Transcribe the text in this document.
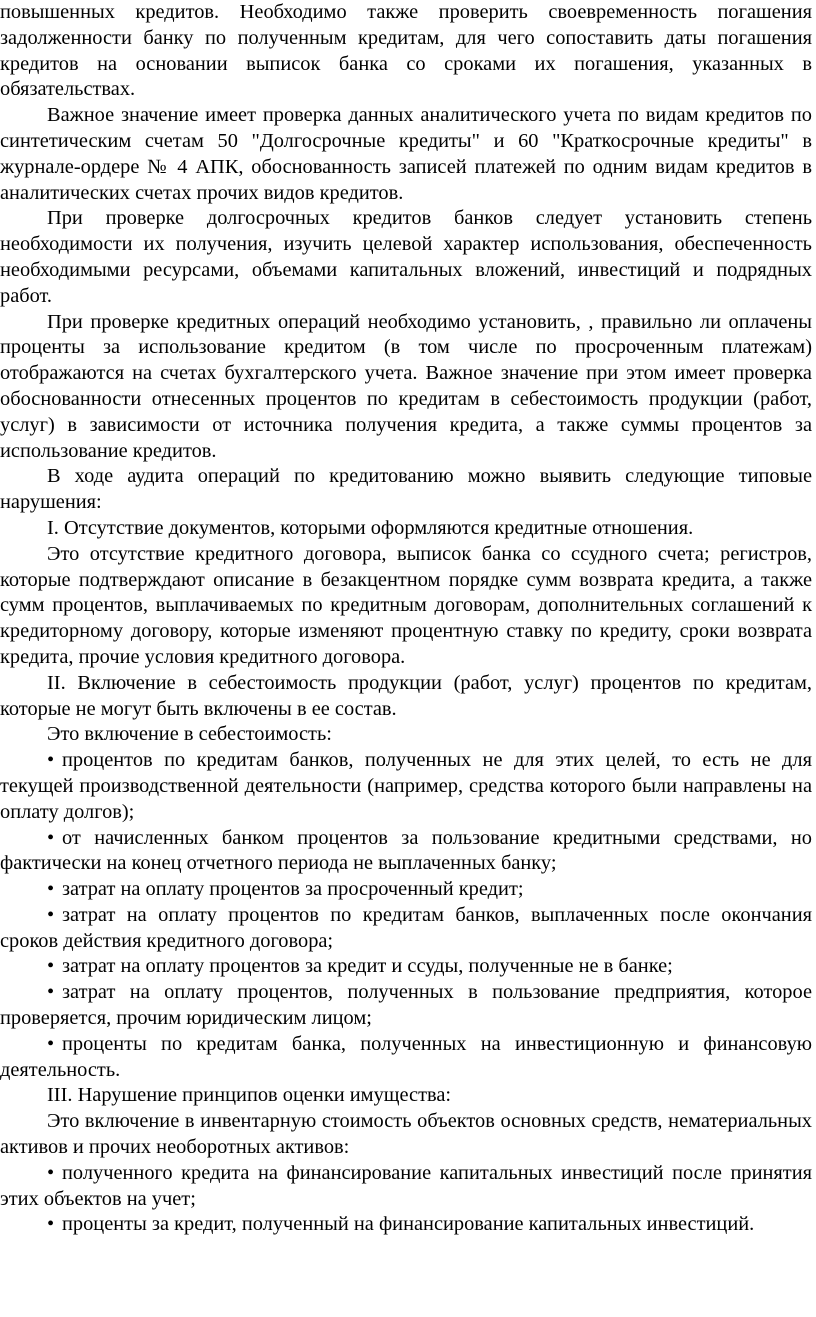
повышенных кредитов. Необходимо также проверить своевременность погашения задолженности банку по полученным кредитам, для чего сопоставить даты погашения кредитов на основании выписок банка со сроками их погашения, указанных в обязательствах.

Важное значение имеет проверка данных аналитического учета по видам кредитов по синтетическим счетам 50 "Долгосрочные кредиты" и 60 "Краткосрочные кредиты" в журнале-ордере № 4 АПК, обоснованность записей платежей по одним видам кредитов в аналитических счетах прочих видов кредитов.

При проверке долгосрочных кредитов банков следует установить степень необходимости их получения, изучить целевой характер использования, обеспеченность необходимыми ресурсами, объемами капитальных вложений, инвестиций и подрядных работ.

При проверке кредитных операций необходимо установить, , правильно ли оплачены проценты за использование кредитом (в том числе по просроченным платежам) отображаются на счетах бухгалтерского учета. Важное значение при этом имеет проверка обоснованности отнесенных процентов по кредитам в себестоимость продукции (работ, услуг) в зависимости от источника получения кредита, а также суммы процентов за использование кредитов.

В ходе аудита операций по кредитованию можно выявить следующие типовые нарушения:

I. Отсутствие документов, которыми оформляются кредитные отношения.

Это отсутствие кредитного договора, выписок банка со ссудного счета; регистров, которые подтверждают описание в безакцентном порядке сумм возврата кредита, а также сумм процентов, выплачиваемых по кредитным договорам, дополнительных соглашений к кредиторному договору, которые изменяют процентную ставку по кредиту, сроки возврата кредита, прочие условия кредитного договора.

II. Включение в себестоимость продукции (работ, услуг) процентов по кредитам, которые не могут быть включены в ее состав.

Это включение в себестоимость:

• процентов по кредитам банков, полученных не для этих целей, то есть не для текущей производственной деятельности (например, средства которого были направлены на оплату долгов);

• от начисленных банком процентов за пользование кредитными средствами, но фактически на конец отчетного периода не выплаченных банку;

• затрат на оплату процентов за просроченный кредит;

• затрат на оплату процентов по кредитам банков, выплаченных после окончания сроков действия кредитного договора;

• затрат на оплату процентов за кредит и ссуды, полученные не в банке;

• затрат на оплату процентов, полученных в пользование предприятия, которое проверяется, прочим юридическим лицом;

• проценты по кредитам банка, полученных на инвестиционную и финансовую деятельность.

III. Нарушение принципов оценки имущества:

Это включение в инвентарную стоимость объектов основных средств, нематериальных активов и прочих необоротных активов:

• полученного кредита на финансирование капитальных инвестиций после принятия этих объектов на учет;

• проценты за кредит, полученный на финансирование капитальных инвестиций.
